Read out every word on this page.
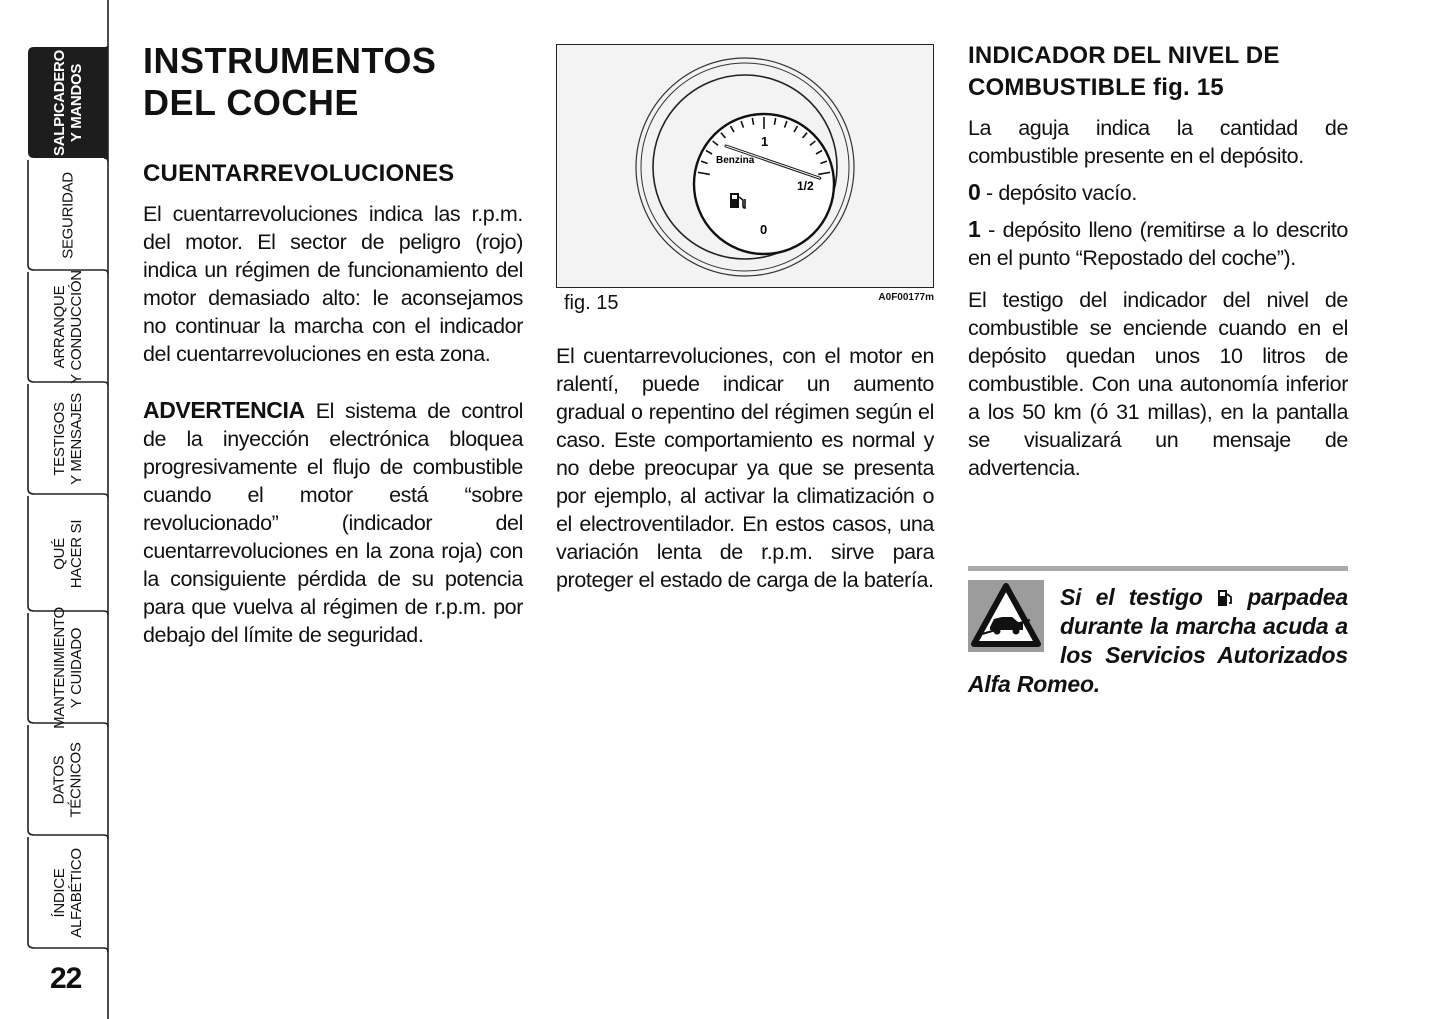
SALPICADERO Y MANDOS
SEGURIDAD
ARRANQUE Y CONDUCCIÓN
TESTIGOS Y MENSAJES
QUÉ HACER SI
MANTENIMIENTO Y CUIDADO
DATOS TÉCNICOS
ÍNDICE ALFABÉTICO
22
INSTRUMENTOS
DEL COCHE
CUENTARREVOLUCIONES

El cuentarrevoluciones indica las r.p.m. del motor. El sector de peligro (rojo) indica un régimen de funcionamiento del motor demasiado alto: le aconsejamos no continuar la marcha con el indicador del cuentarrevoluciones en esta zona.

ADVERTENCIA El sistema de control de la inyección electrónica bloquea progresivamente el flujo de combustible cuando el motor está “sobre revolucionado” (indicador del cuentarrevoluciones en la zona roja) con la consiguiente pérdida de su potencia para que vuelva al régimen de r.p.m. por debajo del límite de seguridad.

Benzina
1
1/2
0
fig. 15	A0F00177m

El cuentarrevoluciones, con el motor en ralentí, puede indicar un aumento gradual o repentino del régimen según el caso. Este comportamiento es normal y no debe preocupar ya que se presenta por ejemplo, al activar la climatización o el electroventilador. En estos casos, una variación lenta de r.p.m. sirve para proteger el estado de carga de la batería.

INDICADOR DEL NIVEL DE
COMBUSTIBLE fig. 15

La aguja indica la cantidad de combustible presente en el depósito.

0 - depósito vacío.

1 - depósito lleno (remitirse a lo descrito en el punto “Repostado del coche”).

El testigo del indicador del nivel de combustible se enciende cuando en el depósito quedan unos 10 litros de combustible. Con una autonomía inferior a los 50 km (ó 31 millas), en la pantalla se visualizará un mensaje de advertencia.

Si el testigo  parpadea durante la marcha acuda a los Servicios Autorizados Alfa Romeo.
